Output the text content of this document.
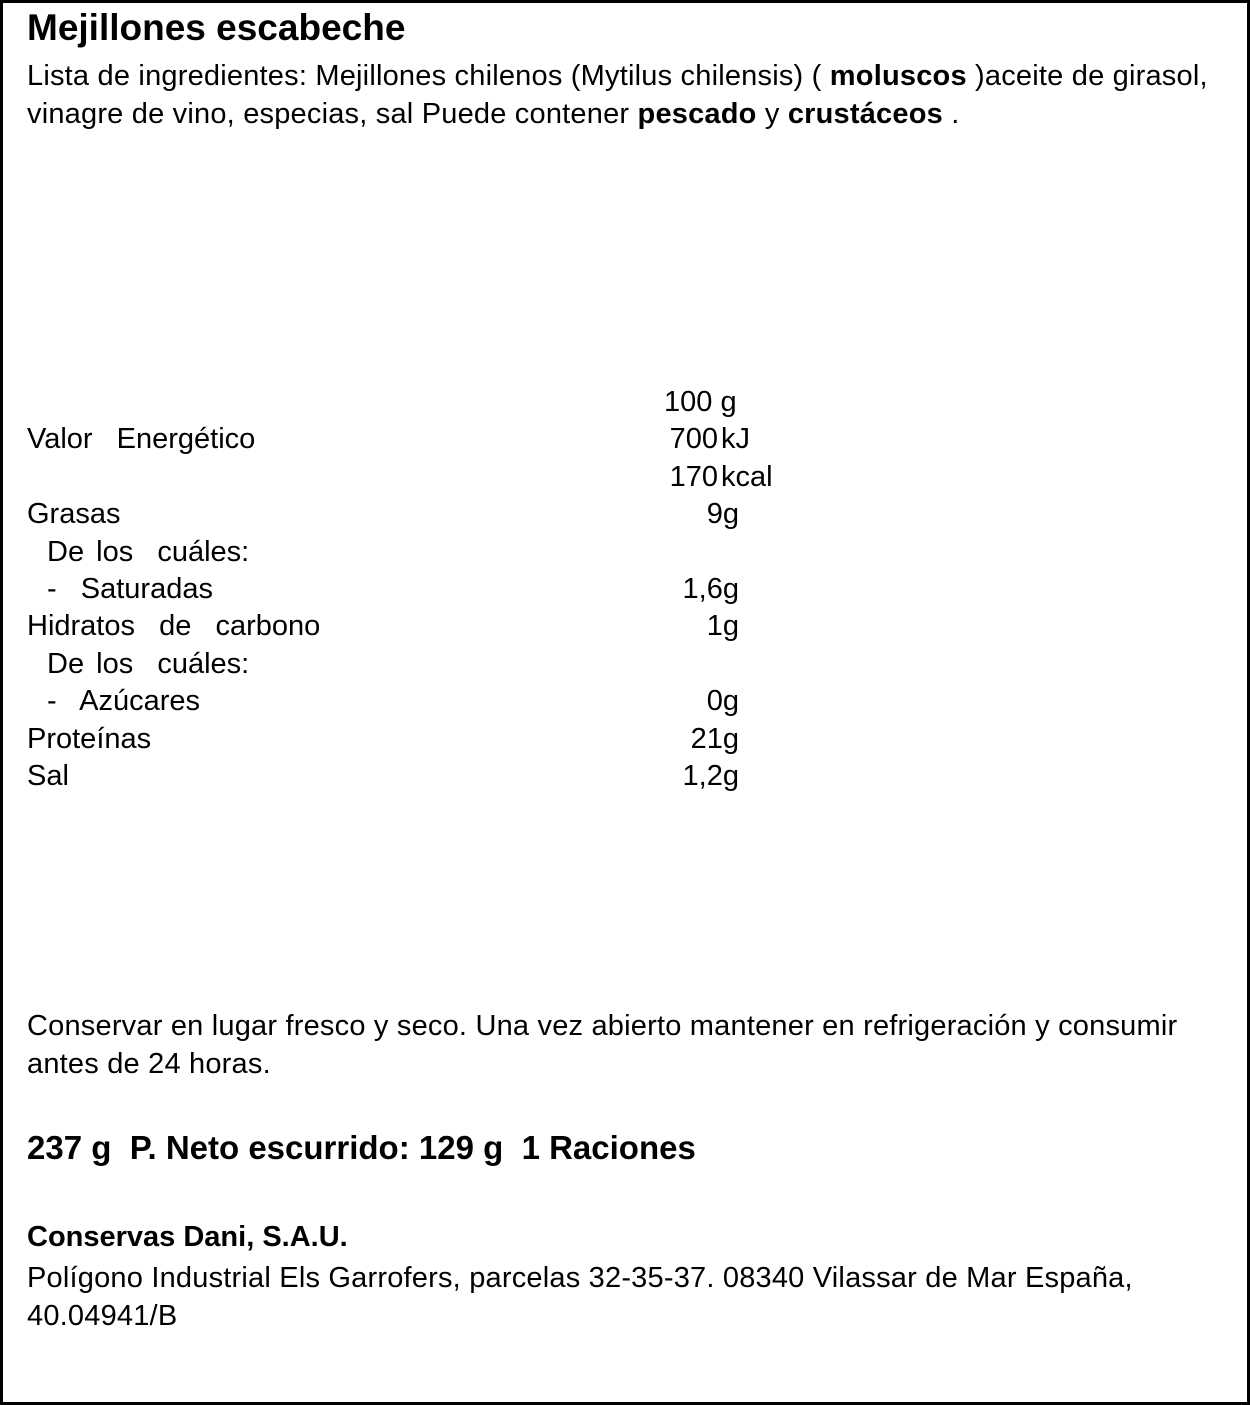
Mejillones escabeche
Lista de ingredientes: Mejillones chilenos (Mytilus chilensis) ( moluscos )aceite de girasol, vinagre de vino, especias, sal Puede contener pescado y crustáceos .
100 g
Valor  Energético	700 kJ
170 kcal
Grasas	9g
De los  cuáles:
-  Saturadas	1,6g
Hidratos  de  carbono	1g
De los  cuáles:
-  Azúcares	0g
Proteínas	21g
Sal	1,2g
Conservar en lugar fresco y seco. Una vez abierto mantener en refrigeración y consumir antes de 24 horas.
237 g  P. Neto escurrido: 129 g  1 Raciones
Conservas Dani, S.A.U.
Polígono Industrial Els Garrofers, parcelas 32-35-37. 08340 Vilassar de Mar España, 40.04941/B
